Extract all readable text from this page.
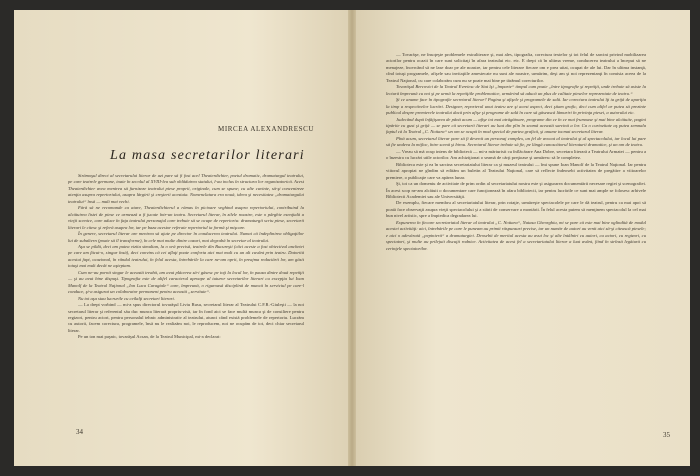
MIRCEA ALEXANDRESCU
La masa secretarilor literari

Strămoşul direct al secretarului literar de azi pare să fi fost acel Theaterdichter, poetul dramatic, dramaturgul teatrului, pe care teatrele germane, toate în secolul al XVIII-lea sub oblâduirea statului, l-au inclus în structura lor organizatorică. Acest Theaterdichter avea menirea să furnizeze teatrului piese proprii, originale, cum se spune; cu alte cuvinte, să-şi concentreze atenţia asupra repertoriului, asupra lărgirii şi creşterii acestuia. Nomenclatura era nouă, ideea şi necesitatea „dramaturgului teatrului“ însă — mult mai vechi.

Fără să ne recomande ca atare, Theaterdichterul a rămas în picioare veghind asupra repertoriului, contribuind la alcătuirea listei de piese ce urmează a fi jucate într-un teatru. Secretarul literar, în zilele noastre, este o pârghie esenţială a vieţii scenice, care aduce în faţa teatrului personajul care trebuie să se ocupe de repertoriu: dramaturgii scriu piese, secretarii literari le citesc şi referă asupra lor, iar pe baza acestor referate repertoriul ia formă şi mişcare.

În genere, secretarul literar are menirea să ajute pe director în conducerea teatrului. Numai că îndeplinirea obligaţiilor lui de subaltern (poate să îl transforme), în cele mai multe dintre cazuri, mai degrabă în secretar al teatrului.

Aşa se pildă, deci am putea vizita simultan, la o oră precisă, teatrele din Bucureşti (câci aceste a fost obiectivul anchetei pe care am făcut-o, singur însă), deci convins că cei aflaţi poate conforta aici mai mult cu un alt cuvânt prin teatru. Datorită acestui fapt, ocazional, în rândul teatrului, în felul acesta, întrebările la care ne-am oprit, în preajma redactării lor, am găsit totuşi mai mult decât ne aşteptam.

Cum ne-au pornit singur le această treabă, am avut plăcerea să-i găsesc pe toţi la locul lor, în pauza dintre două repetiţii — şi au avut bine dispuşi. Tipografia este de altfel caracterul aproape al tuturor secretarilor literari cu excepţia lui Ioan Manolf de la Teatrul Naţional „Ion Luca Caragiale“ care, împreună, o riguroasă disciplină de muncă în serviciul pe care-l conduce, şi-a asigurat un colaborator permanent pentru această „servitute“.

Nu tot aşa stau lucrurile cu ceilalţi secretari literari.

— La drept vorbind — mi-a spus directorul tovarăşul Liviu Rusu, secretarul literar al Teatrului C.F.R.-Giuleşti — la noi secretarul literar şi referentul său duc munca literară propriu-zisă, iar în fond aici se face multă munca şi de consiliere pentru regizori, pentru actori, pentru personalul tehnic administrativ al teatrului, atunci când există problemele de repertoriu. Lucrăm cu autorii, facem corectura, programele, însă nu le realizăm noi, le reproducem, noi ne ocupăm de tot, deci chiar secretarul literar.

Pe un ton mai paşnic, tovarăşul Acsan, de la Teatrul Municipal, mi-a declarat:

34

— Tovarăşe, ne însoţeşte problemele extraliterare şi, mai ales, tipografia, corectura textelor şi tot felul de sarcini privind mobilizarea actorilor pentru ocazii în care sunt solicitaţi în afara teatrului etc. etc. E drept că în ultima vreme, conducerea teatrului a început să ne menajeze, încercând să ne lase doar pe ale noastre, iar pentru cele literare fiecare om e prea uitat, ocupat de ale lui. Dar în ultima instanţă, cînd totuşi programele, afişele sau invitaţiile amestecate nu sunt ale noastre, urmărim, deşi am şi noi reprezentanţi în comisia aceea de la Teatrul Naţional, cu care colaborăm cum nu se poate mai bine pe tărâmul corecturilor.

Tovarăşul Bercovici de la Teatrul Evreiesc de Stat îşi „împarte“ timpul cum poate „între tipografie şi repetiţii, unde trebuie să asiste la lectură împreună cu noi şi pe urmă la repetiţiile problematice, urmărind să aducă un plus de calitate pieselor reprezentate de teatru.“

Şi ce anume face în tipografie secretarul literar? Pagina şi afişele şi programele de sală. Iar corectura teatrului îţi ia grijă de apariţia la timp a respectivelor lucrări. Designer, reporterul unui teatru are şi acest aspect, deci ştiam grafic, deci cum altfel ar putea să prezinte publicul despre premierele teatrului dacă prin afişe şi programe de sală în care să găsească lămuriri în privinţa piesei, a autorului etc.

Judecând după înfăţişarea de până acum — afişe tot mai atrăgătoare, programe din ce în ce mai frumoase şi mai bine alcătuite, pagini tipărite cu gust şi grijă — se pare că secretarii literari au luat din plin în seamă această sarcină a lor. Ca o curiozitate aş putea semnala faptul că la Teatrul „C. Nottara“ un om se ocupă în mod special de partea grafică, şi anume tocmai secretarul literar.

Pînă acum, secretarul literar pare să fi devenit un personaj complex, un fel de avocat al teatrului şi al spectacolului, iar locul lui pare să fie undeva la mijloc, între scenă şi birou. Secretarul literar trebuie să fie, pe lângă cunoscătorul literaturii dramatice, şi un om de teatru.

— Vreau să mă ocup intens de bibliotecă — mi-a mărturisit cu înflăcărare Ana Dobre, secretara literară a Teatrului Armatei — pentru a o înzestra cu lucrări utile actorilor. Am achiziţionat o seamă de cărţi preţioase şi urmăresc să le completez.

Biblioteca este şi ea în sarcina secretariatului literar ca şi muzeul teatrului — îmi spune Ioan Manolf de la Teatrul Naţional. Iar pentru viitorul apropiat ne gîndim să edităm un buletin al Teatrului Naţional, care să reflecte îndeosebi activitatea de pregătire a viitoarelor premiere, o publicaţie care va apărea lunar.

Şi, tot ca un domeniu de activitate de prim ordin al secretariatului nostru este şi asigurarea documentării necesare regiei şi scenografiei. În acest scop ne-am alcătuit o documentare care funcţionează în afara bibliotecii, iar pentru lucrările ce sunt mai ample se folosesc arhivele Bibliotecii Academiei sau ale Universităţii.

De exemplu, fiecare membru al secretariatului literar, prin rotaţie, urmăreşte spectacolele pe care le dă teatrul, pentru ca mai apoi să poată face observaţii asupra vieţii spectacolului şi a stării de conservare a montării. În felul acesta putem să menţinem spectacolul la cel mai bun nivel artistic, spre a împiedica degradarea lui.

Expunerea în fiecare secretariatul literar al teatrului „C. Nottara“, Natasa Gheorghiu, mi se pare că este mai bine oglindită de modul acestei activităţi: aici, întrebările pe care le puneam au primit răspunsuri precise, iar un număr de autori au venit aici să-şi citească piesele; e aici o adevărată „pepinieră“ a dramaturgiei. Deosebit de meritul acesta au avut loc şi alte întâlniri cu autori, cu actori, cu regizori, cu spectatori, şi multe au prilejuit discuţii rodnice. Activitatea de acest fel a secretariatului literar a luat avânt, fiind în strînsă legătură cu cerinţele spectatorilor.

35
